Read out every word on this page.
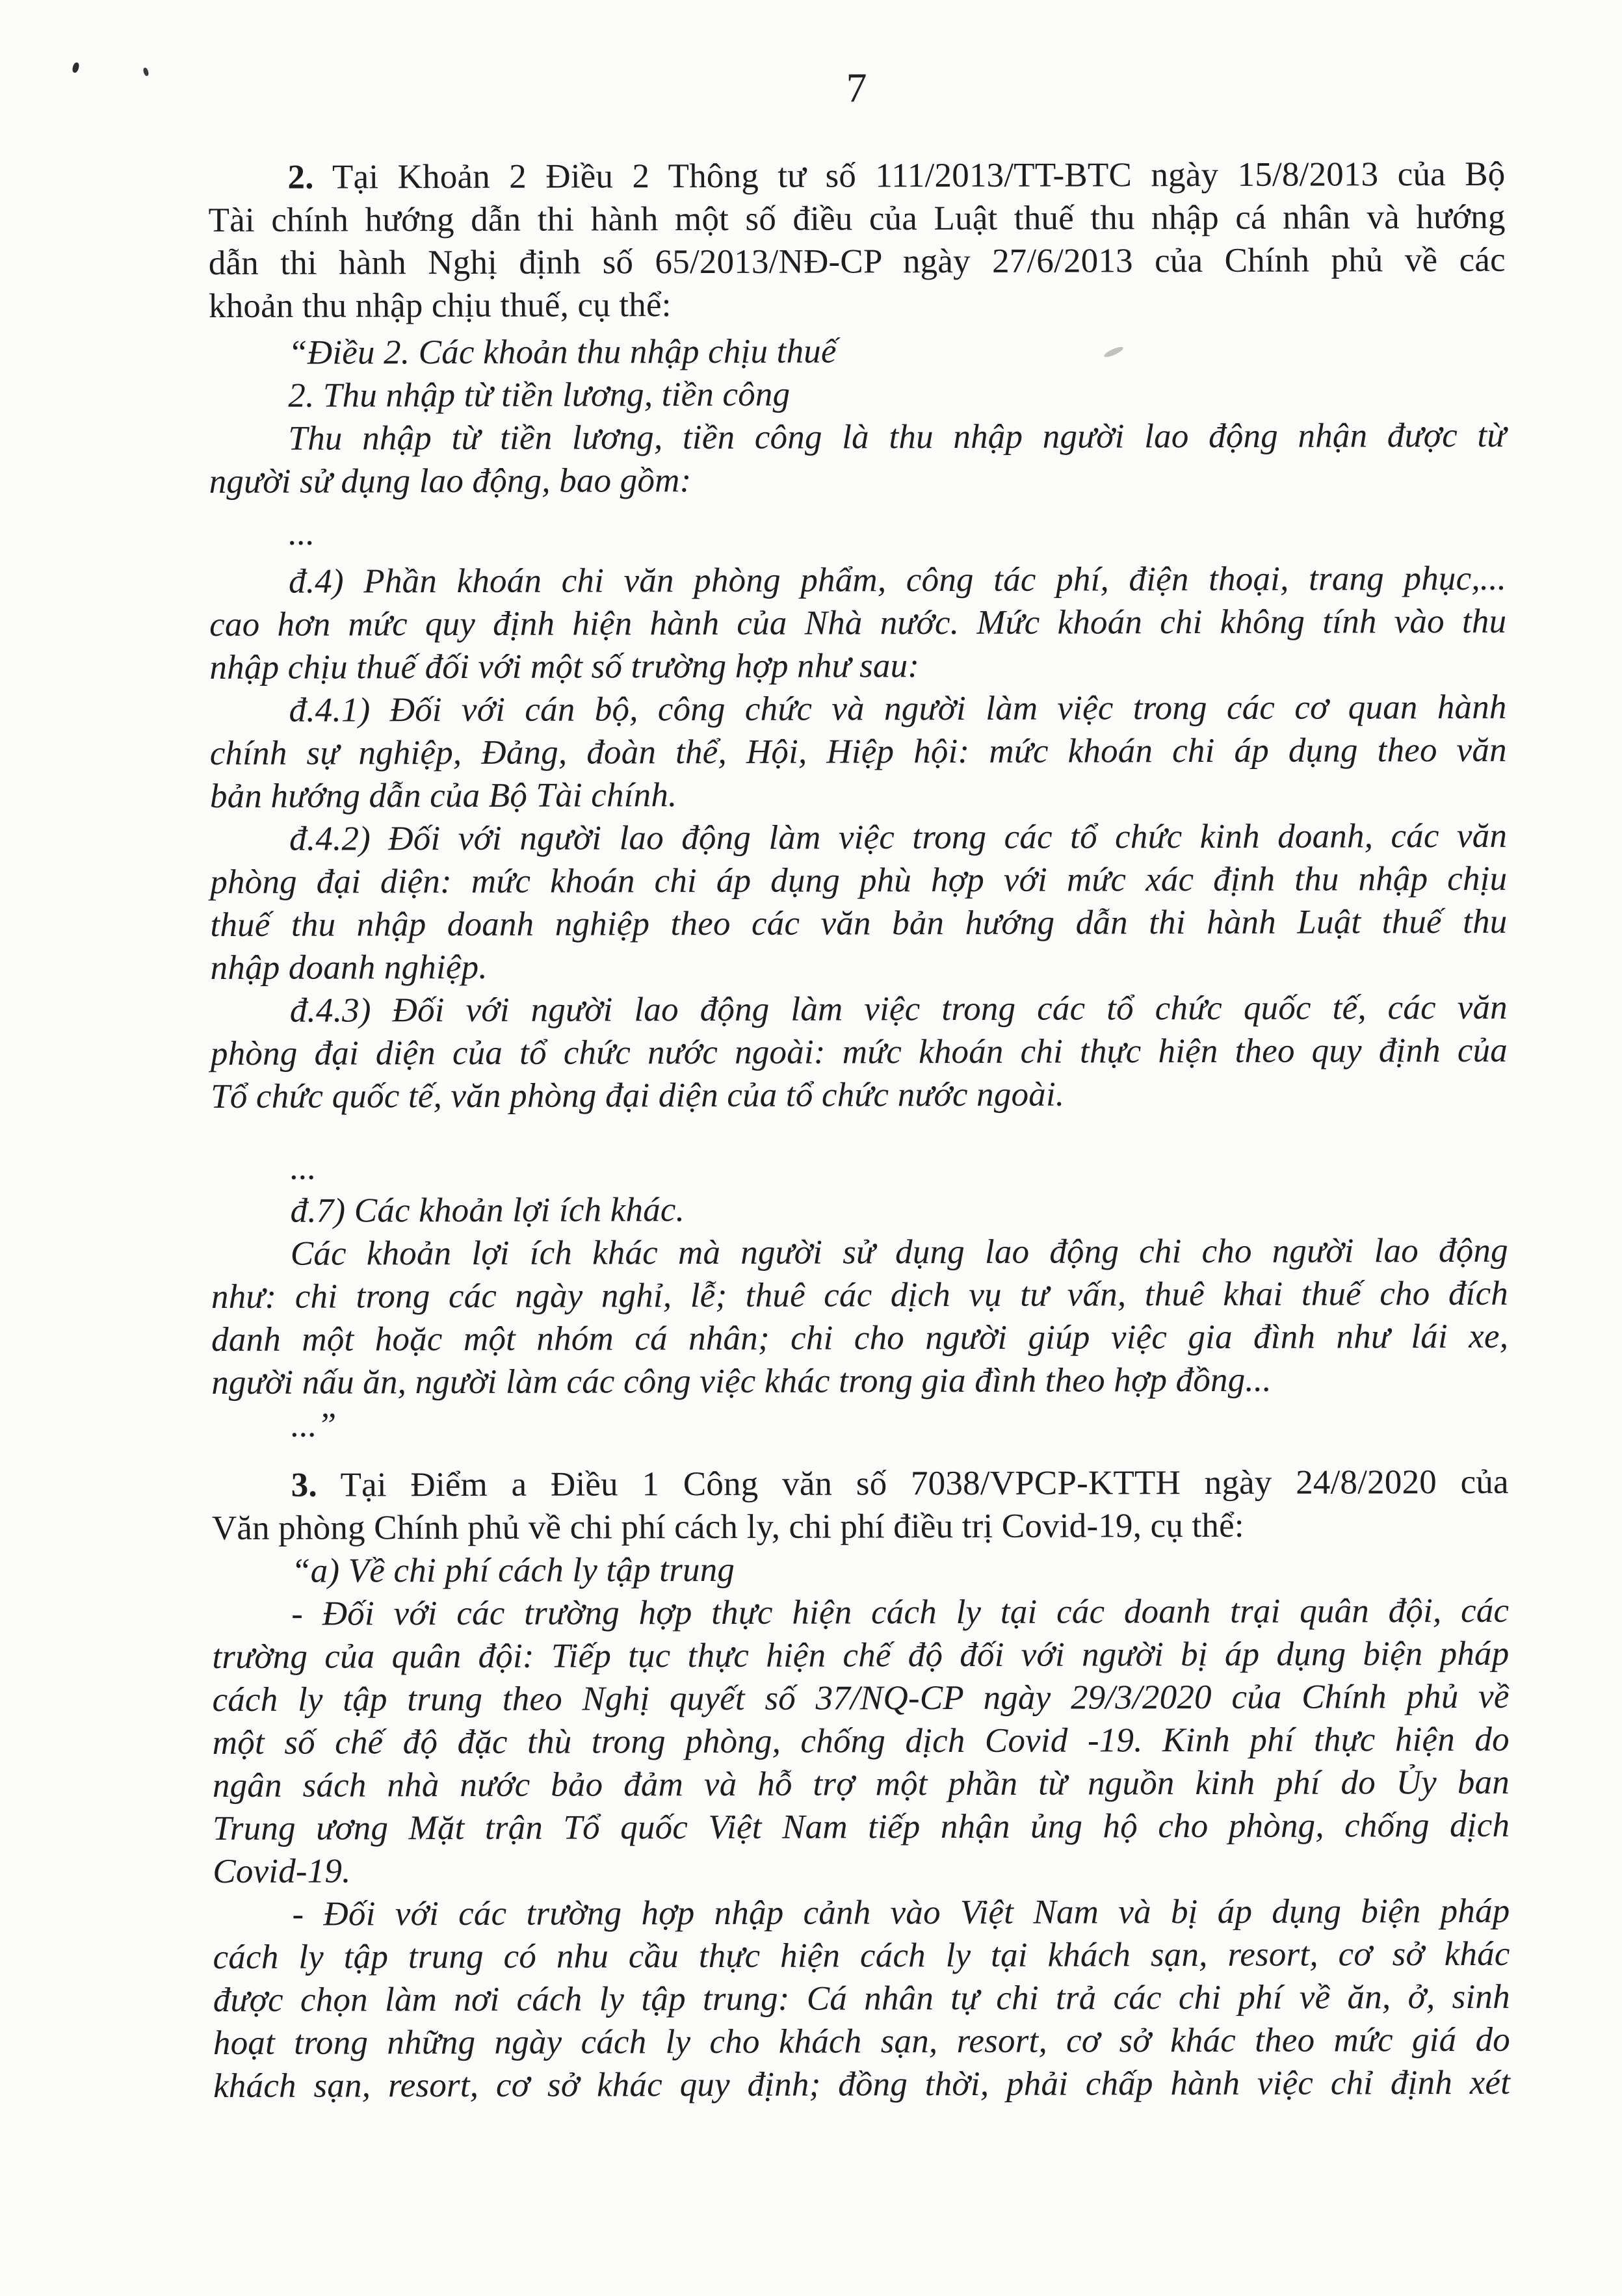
7
2. Tại Khoản 2 Điều 2 Thông tư số 111/2013/TT-BTC ngày 15/8/2013 của Bộ
Tài chính hướng dẫn thi hành một số điều của Luật thuế thu nhập cá nhân và hướng
dẫn thi hành Nghị định số 65/2013/NĐ-CP ngày 27/6/2013 của Chính phủ về các
khoản thu nhập chịu thuế, cụ thể:
“Điều 2. Các khoản thu nhập chịu thuế
2. Thu nhập từ tiền lương, tiền công
Thu nhập từ tiền lương, tiền công là thu nhập người lao động nhận được từ
người sử dụng lao động, bao gồm:
...
đ.4) Phần khoán chi văn phòng phẩm, công tác phí, điện thoại, trang phục,...
cao hơn mức quy định hiện hành của Nhà nước. Mức khoán chi không tính vào thu
nhập chịu thuế đối với một số trường hợp như sau:
đ.4.1) Đối với cán bộ, công chức và người làm việc trong các cơ quan hành
chính sự nghiệp, Đảng, đoàn thể, Hội, Hiệp hội: mức khoán chi áp dụng theo văn
bản hướng dẫn của Bộ Tài chính.
đ.4.2) Đối với người lao động làm việc trong các tổ chức kinh doanh, các văn
phòng đại diện: mức khoán chi áp dụng phù hợp với mức xác định thu nhập chịu
thuế thu nhập doanh nghiệp theo các văn bản hướng dẫn thi hành Luật thuế thu
nhập doanh nghiệp.
đ.4.3) Đối với người lao động làm việc trong các tổ chức quốc tế, các văn
phòng đại diện của tổ chức nước ngoài: mức khoán chi thực hiện theo quy định của
Tổ chức quốc tế, văn phòng đại diện của tổ chức nước ngoài.
...
đ.7) Các khoản lợi ích khác.
Các khoản lợi ích khác mà người sử dụng lao động chi cho người lao động
như: chi trong các ngày nghỉ, lễ; thuê các dịch vụ tư vấn, thuê khai thuế cho đích
danh một hoặc một nhóm cá nhân; chi cho người giúp việc gia đình như lái xe,
người nấu ăn, người làm các công việc khác trong gia đình theo hợp đồng...
...”
3. Tại Điểm a Điều 1 Công văn số 7038/VPCP-KTTH ngày 24/8/2020 của
Văn phòng Chính phủ về chi phí cách ly, chi phí điều trị Covid-19, cụ thể:
“a) Về chi phí cách ly tập trung
- Đối với các trường hợp thực hiện cách ly tại các doanh trại quân đội, các
trường của quân đội: Tiếp tục thực hiện chế độ đối với người bị áp dụng biện pháp
cách ly tập trung theo Nghị quyết số 37/NQ-CP ngày 29/3/2020 của Chính phủ về
một số chế độ đặc thù trong phòng, chống dịch Covid -19. Kinh phí thực hiện do
ngân sách nhà nước bảo đảm và hỗ trợ một phần từ nguồn kinh phí do Ủy ban
Trung ương Mặt trận Tổ quốc Việt Nam tiếp nhận ủng hộ cho phòng, chống dịch
Covid-19.
- Đối với các trường hợp nhập cảnh vào Việt Nam và bị áp dụng biện pháp
cách ly tập trung có nhu cầu thực hiện cách ly tại khách sạn, resort, cơ sở khác
được chọn làm nơi cách ly tập trung: Cá nhân tự chi trả các chi phí về ăn, ở, sinh
hoạt trong những ngày cách ly cho khách sạn, resort, cơ sở khác theo mức giá do
khách sạn, resort, cơ sở khác quy định; đồng thời, phải chấp hành việc chỉ định xét
